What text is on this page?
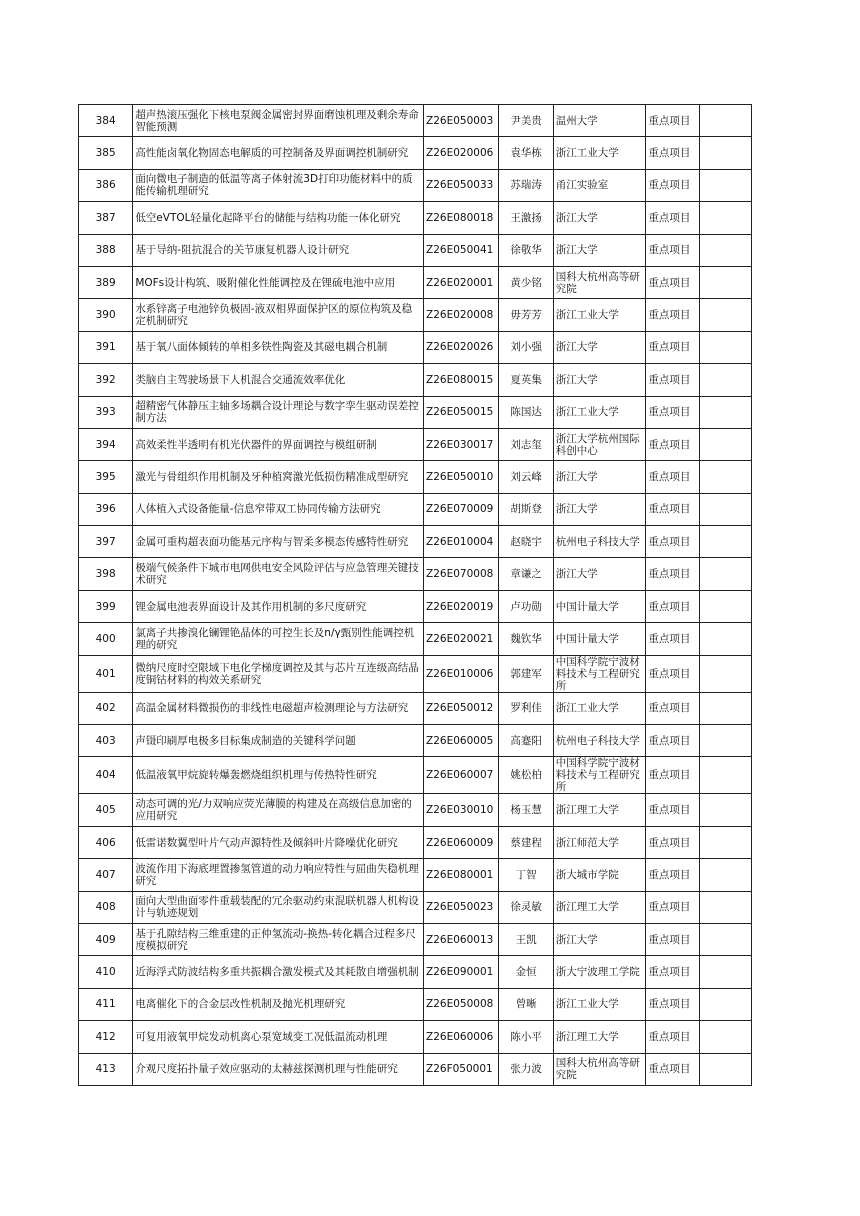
384	超声热滚压强化下核电泵阀金属密封界面磨蚀机理及剩余寿命智能预测	Z26E050003	尹美贵	温州大学	重点项目	
385	高性能卤氧化物固态电解质的可控制备及界面调控机制研究	Z26E020006	袁华栋	浙江工业大学	重点项目	
386	面向微电子制造的低温等离子体射流3D打印功能材料中的质能传输机理研究	Z26E050033	苏瑞涛	甬江实验室	重点项目	
387	低空eVTOL轻量化起降平台的储能与结构功能一体化研究	Z26E080018	王激扬	浙江大学	重点项目	
388	基于导纳-阻抗混合的关节康复机器人设计研究	Z26E050041	徐敬华	浙江大学	重点项目	
389	MOFs设计构筑、吸附催化性能调控及在锂硫电池中应用	Z26E020001	黄少铭	国科大杭州高等研究院	重点项目	
390	水系锌离子电池锌负极固-液双相界面保护区的原位构筑及稳定机制研究	Z26E020008	毋芳芳	浙江工业大学	重点项目	
391	基于氧八面体倾转的单相多铁性陶瓷及其磁电耦合机制	Z26E020026	刘小强	浙江大学	重点项目	
392	类脑自主驾驶场景下人机混合交通流效率优化	Z26E080015	夏英集	浙江大学	重点项目	
393	超精密气体静压主轴多场耦合设计理论与数字孪生驱动误差控制方法	Z26E050015	陈国达	浙江工业大学	重点项目	
394	高效柔性半透明有机光伏器件的界面调控与模组研制	Z26E030017	刘志玺	浙江大学杭州国际科创中心	重点项目	
395	激光与骨组织作用机制及牙种植窝激光低损伤精准成型研究	Z26E050010	刘云峰	浙江大学	重点项目	
396	人体植入式设备能量-信息窄带双工协同传输方法研究	Z26E070009	胡斯登	浙江大学	重点项目	
397	金属可重构超表面功能基元序构与智柔多模态传感特性研究	Z26E010004	赵晓宇	杭州电子科技大学	重点项目	
398	极端气候条件下城市电网供电安全风险评估与应急管理关键技术研究	Z26E070008	章谦之	浙江大学	重点项目	
399	锂金属电池表界面设计及其作用机制的多尺度研究	Z26E020019	卢功勋	中国计量大学	重点项目	
400	氯离子共掺溴化镧锂铯晶体的可控生长及n/γ甄别性能调控机理的研究	Z26E020021	魏钦华	中国计量大学	重点项目	
401	微纳尺度时空限域下电化学梯度调控及其与芯片互连级高结晶度铜钴材料的构效关系研究	Z26E010006	郭建军	中国科学院宁波材料技术与工程研究所	重点项目	
402	高温金属材料微损伤的非线性电磁超声检测理论与方法研究	Z26E050012	罗利佳	浙江工业大学	重点项目	
403	声镊印刷厚电极多目标集成制造的关键科学问题	Z26E060005	高蹇阳	杭州电子科技大学	重点项目	
404	低温液氧甲烷旋转爆轰燃烧组织机理与传热特性研究	Z26E060007	姚松柏	中国科学院宁波材料技术与工程研究所	重点项目	
405	动态可调的光/力双响应荧光薄膜的构建及在高级信息加密的应用研究	Z26E030010	杨玉慧	浙江理工大学	重点项目	
406	低雷诺数翼型叶片气动声源特性及倾斜叶片降噪优化研究	Z26E060009	蔡建程	浙江师范大学	重点项目	
407	波流作用下海底埋置掺氢管道的动力响应特性与屈曲失稳机理研究	Z26E080001	丁智	浙大城市学院	重点项目	
408	面向大型曲面零件重载装配的冗余驱动约束混联机器人机构设计与轨迹规划	Z26E050023	徐灵敏	浙江理工大学	重点项目	
409	基于孔隙结构三维重建的正仲氢流动-换热-转化耦合过程多尺度模拟研究	Z26E060013	王凯	浙江大学	重点项目	
410	近海浮式防波结构多重共振耦合激发模式及其耗散自增强机制	Z26E090001	金恒	浙大宁波理工学院	重点项目	
411	电离催化下的合金层改性机制及抛光机理研究	Z26E050008	曾晰	浙江工业大学	重点项目	
412	可复用液氧甲烷发动机离心泵宽域变工况低温流动机理	Z26E060006	陈小平	浙江理工大学	重点项目	
413	介观尺度拓扑量子效应驱动的太赫兹探测机理与性能研究	Z26F050001	张力波	国科大杭州高等研究院	重点项目	
